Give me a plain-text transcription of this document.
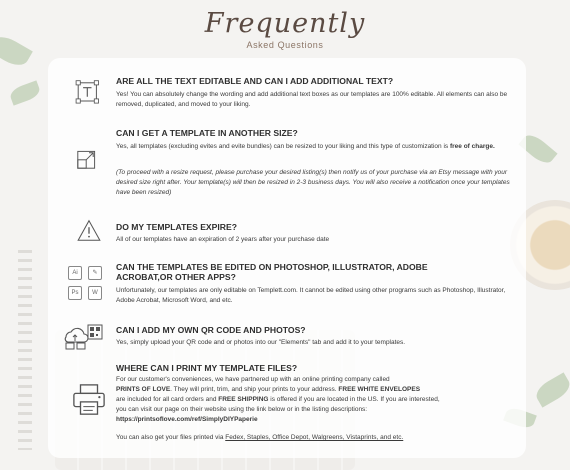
Frequently
Asked Questions
ARE ALL THE TEXT EDITABLE AND CAN I ADD ADDITIONAL TEXT?
Yes! You can absolutely change the wording and add additional text boxes as our templates are 100% editable. All elements can also be removed, duplicated, and moved to your liking.
CAN I GET A TEMPLATE IN ANOTHER SIZE?
Yes, all templates (excluding evites and evite bundles) can be resized to your liking and this type of customization is free of charge.
(To proceed with a resize request, please purchase your desired listing(s) then notify us of your purchase via an Etsy message with your desired size right after. Your template(s) will then be resized in 2-3 business days. You will also receive a notification once your templates have been resized)
DO MY TEMPLATES EXPIRE?
All of our templates have an expiration of 2 years after your purchase date
Ai	✎
Ps	W
CAN THE TEMPLATES BE EDITED ON PHOTOSHOP, ILLUSTRATOR, ADOBE ACROBAT,OR OTHER APPS?
Unfortunately, our templates are only editable on Templett.com. It cannot be edited using other programs such as Photoshop, Illustrator, Adobe Acrobat, Microsoft Word, and etc.
CAN I ADD MY OWN QR CODE AND PHOTOS?
Yes, simply upload your QR code and or photos into our "Elements" tab and add it to your templates.
WHERE CAN I PRINT MY TEMPLATE FILES?
For our customer's conveniences, we have partnered up with an online printing company called
PRINTS OF LOVE. They will print, trim, and ship your prints to your address. FREE WHITE ENVELOPES
are included for all card orders and FREE SHIPPING is offered if you are located in the US. If you are interested,
you can visit our page on their website using the link below or in the listing descriptions:
https://printsoflove.com/ref/SimplyDIYPaperie
You can also get your files printed via Fedex, Staples, Office Depot, Walgreens, Vistaprints, and etc.
